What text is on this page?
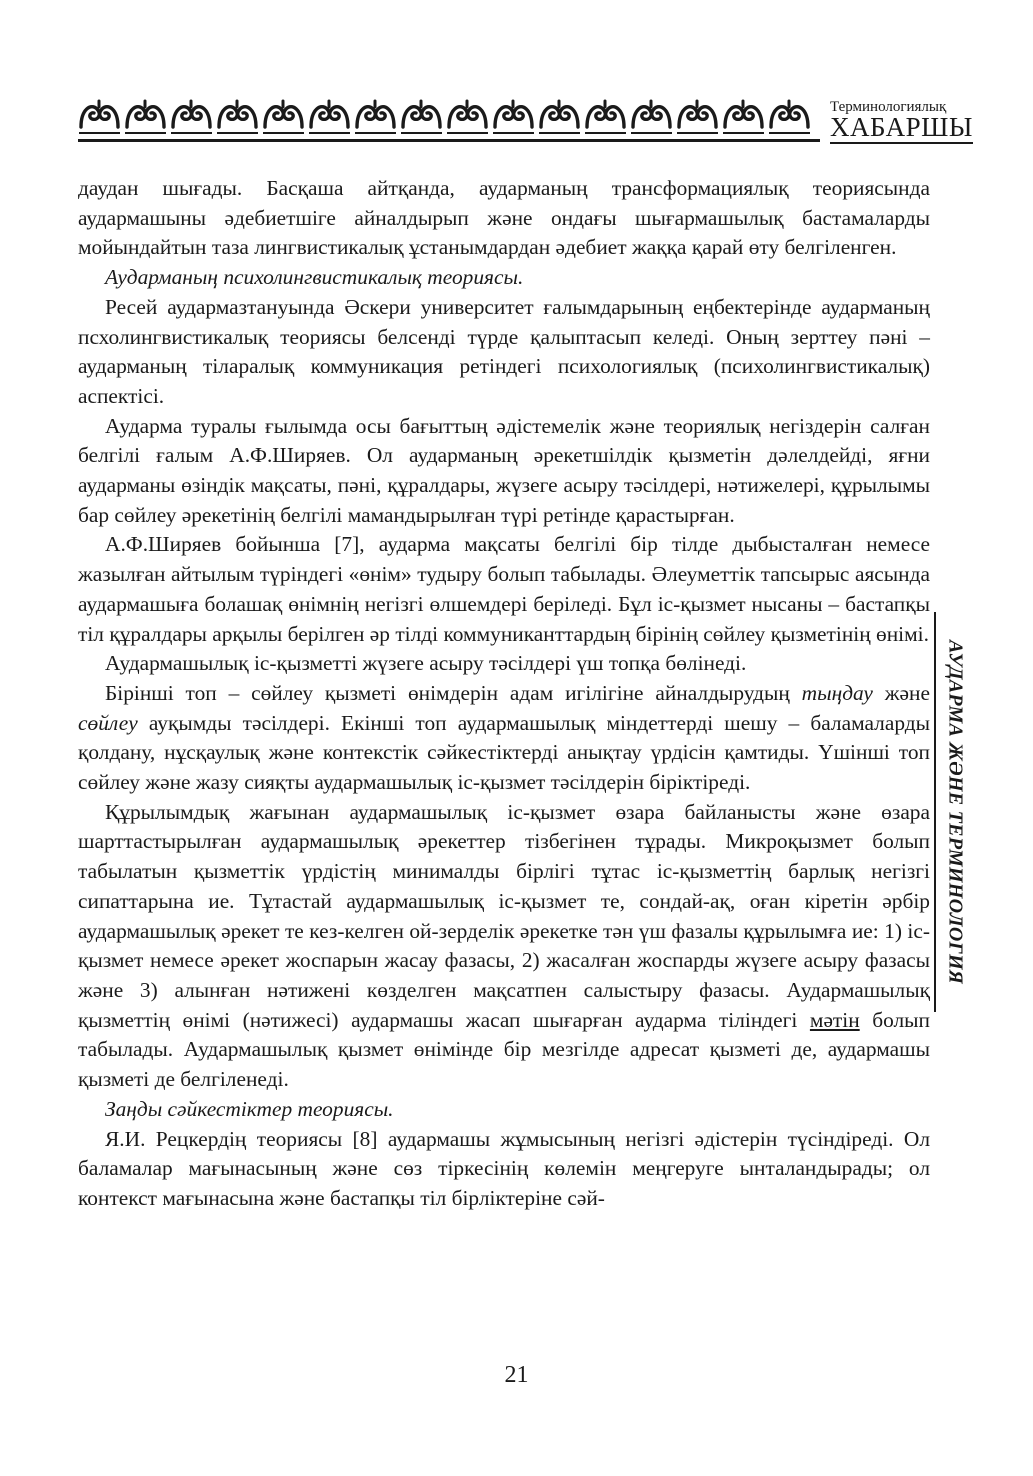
Терминологиялық
ХАБАРШЫ

даудан шығады. Басқаша айтқанда, аударманың трансформациялық теориясында аудармашыны әдебиетшіге айналдырып және ондағы шығармашылық бастамаларды мойындайтын таза лингвистикалық ұстанымдардан әдебиет жаққа қарай өту белгіленген.

Аударманың психолингвистикалық теориясы.

Ресей аудармазтануында Әскери университет ғалымдарының еңбектерінде аударманың псхолингвистикалық теориясы белсенді түрде қалыптасып келеді. Оның зерттеу пәні – аударманың тіларалық коммуникация ретіндегі психологиялық (психолингвистикалық) аспектісі.

Аударма туралы ғылымда осы бағыттың әдістемелік және теориялық негіздерін салған белгілі ғалым А.Ф.Ширяев. Ол аударманың әрекетшілдік қызметін дәлелдейді, яғни аударманы өзіндік мақсаты, пәні, құралдары, жүзеге асыру тәсілдері, нәтижелері, құрылымы бар сөйлеу әрекетінің белгілі мамандырылған түрі ретінде қарастырған.

А.Ф.Ширяев бойынша [7], аударма мақсаты белгілі бір тілде дыбысталған немесе жазылған айтылым түріндегі «өнім» тудыру болып табылады. Әлеуметтік тапсырыс аясында аудармашыға болашақ өнімнің негізгі өлшемдері беріледі. Бұл іс-қызмет нысаны – бастапқы тіл құралдары арқылы берілген әр тілді коммуниканттардың бірінің сөйлеу қызметінің өнімі.

Аудармашылық іс-қызметті жүзеге асыру тәсілдері үш топқа бөлінеді.

Бірінші топ – сөйлеу қызметі өнімдерін адам игілігіне айналдырудың тыңдау және сөйлеу ауқымды тәсілдері. Екінші топ аудармашылық міндеттерді шешу – баламаларды қолдану, нұсқаулық және контекстік сәйкестіктерді анықтау үрдісін қамтиды. Үшінші топ сөйлеу және жазу сияқты аудармашылық іс-қызмет тәсілдерін біріктіреді.

Құрылымдық жағынан аудармашылық іс-қызмет өзара байланысты және өзара шарттастырылған аудармашылық әрекеттер тізбегінен тұрады. Микроқызмет болып табылатын қызметтік үрдістің минималды бірлігі тұтас іс-қызметтің барлық негізгі сипаттарына ие. Тұтастай аудармашылық іс-қызмет те, сондай-ақ, оған кіретін әрбір аудармашылық әрекет те кез-келген ой-зерделік әрекетке тән үш фазалы құрылымға ие: 1) іс-қызмет немесе әрекет жоспарын жасау фазасы, 2) жасалған жоспарды жүзеге асыру фазасы және 3) алынған нәтижені көзделген мақсатпен салыстыру фазасы. Аудармашылық қызметтің өнімі (нәтижесі) аудармашы жасап шығарған аударма тіліндегі мәтін болып табылады. Аудармашылық қызмет өнімінде бір мезгілде адресат қызметі де, аудармашы қызметі де белгіленеді.

Заңды сәйкестіктер теориясы.

Я.И. Рецкердің теориясы [8] аудармашы жұмысының негізгі әдістерін түсіндіреді. Ол баламалар мағынасының және сөз тіркесінің көлемін меңгеруге ынталандырады; ол контекст мағынасына және бастапқы тіл бірліктеріне сәй-

АУДАРМА ЖӘНЕ ТЕРМИНОЛОГИЯ
21
